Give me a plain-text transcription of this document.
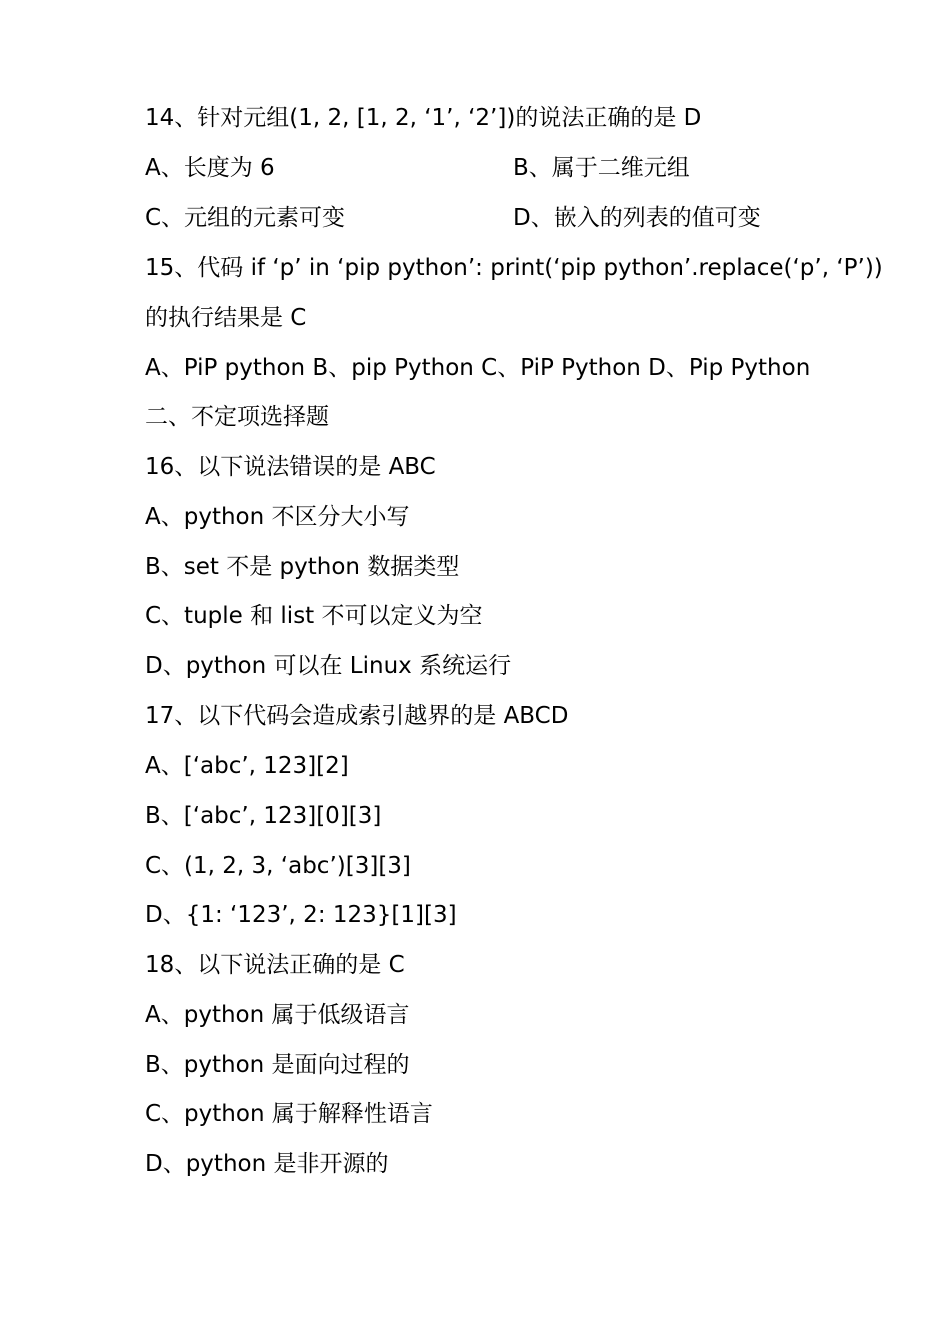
14、针对元组(1, 2, [1, 2, ‘1’, ‘2’])的说法正确的是 D
A、长度为 6	B、属于二维元组
C、元组的元素可变	D、嵌入的列表的值可变
15、代码 if ‘p’ in ‘pip python’: print(‘pip python’.replace(‘p’, ‘P’))
的执行结果是 C
A、PiP python B、pip Python C、PiP Python D、Pip Python
二、不定项选择题
16、以下说法错误的是 ABC
A、python 不区分大小写
B、set 不是 python 数据类型
C、tuple 和 list 不可以定义为空
D、python 可以在 Linux 系统运行
17、以下代码会造成索引越界的是 ABCD
A、[‘abc’, 123][2]
B、[‘abc’, 123][0][3]
C、(1, 2, 3, ‘abc’)[3][3]
D、{1: ‘123’, 2: 123}[1][3]
18、以下说法正确的是 C
A、python 属于低级语言
B、python 是面向过程的
C、python 属于解释性语言
D、python 是非开源的
